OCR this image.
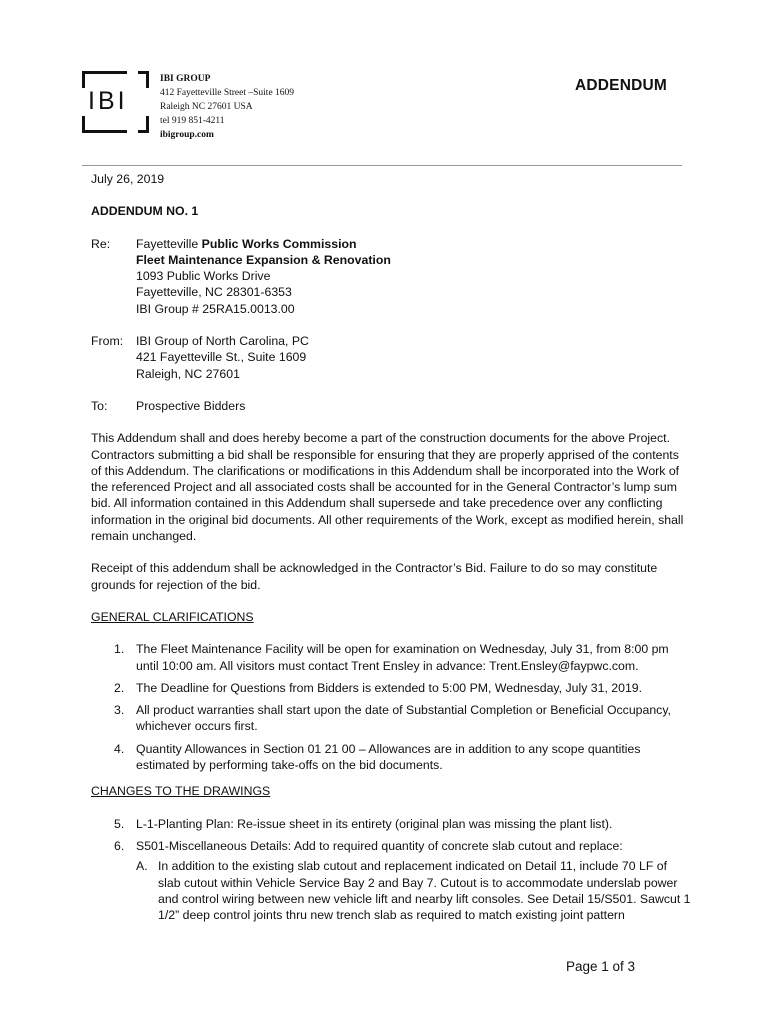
IBI
IBI GROUP
412 Fayetteville Street –Suite 1609
Raleigh NC 27601 USA
tel 919 851-4211
ibigroup.com
ADDENDUM

July 26, 2019

ADDENDUM NO. 1

Re:	Fayetteville Public Works Commission
Fleet Maintenance Expansion & Renovation
1093 Public Works Drive
Fayetteville, NC 28301-6353
IBI Group # 25RA15.0013.00
From:	IBI Group of North Carolina, PC
421 Fayetteville St., Suite 1609
Raleigh, NC 27601
To:	Prospective Bidders

This Addendum shall and does hereby become a part of the construction documents for the above Project. Contractors submitting a bid shall be responsible for ensuring that they are properly apprised of the contents of this Addendum. The clarifications or modifications in this Addendum shall be incorporated into the Work of the referenced Project and all associated costs shall be accounted for in the General Contractor’s lump sum bid. All information contained in this Addendum shall supersede and take precedence over any conflicting information in the original bid documents. All other requirements of the Work, except as modified herein, shall remain unchanged.

Receipt of this addendum shall be acknowledged in the Contractor’s Bid. Failure to do so may constitute grounds for rejection of the bid.

GENERAL CLARIFICATIONS

1. The Fleet Maintenance Facility will be open for examination on Wednesday, July 31, from 8:00 pm until 10:00 am. All visitors must contact Trent Ensley in advance: Trent.Ensley@faypwc.com.
2. The Deadline for Questions from Bidders is extended to 5:00 PM, Wednesday, July 31, 2019.
3. All product warranties shall start upon the date of Substantial Completion or Beneficial Occupancy, whichever occurs first.
4. Quantity Allowances in Section 01 21 00 – Allowances are in addition to any scope quantities estimated by performing take-offs on the bid documents.

CHANGES TO THE DRAWINGS

5. L-1-Planting Plan: Re-issue sheet in its entirety (original plan was missing the plant list).
6. S501-Miscellaneous Details: Add to required quantity of concrete slab cutout and replace:
A. In addition to the existing slab cutout and replacement indicated on Detail 11, include 70 LF of slab cutout within Vehicle Service Bay 2 and Bay 7. Cutout is to accommodate underslab power and control wiring between new vehicle lift and nearby lift consoles. See Detail 15/S501. Sawcut 1 1/2” deep control joints thru new trench slab as required to match existing joint pattern
Page 1 of 3
